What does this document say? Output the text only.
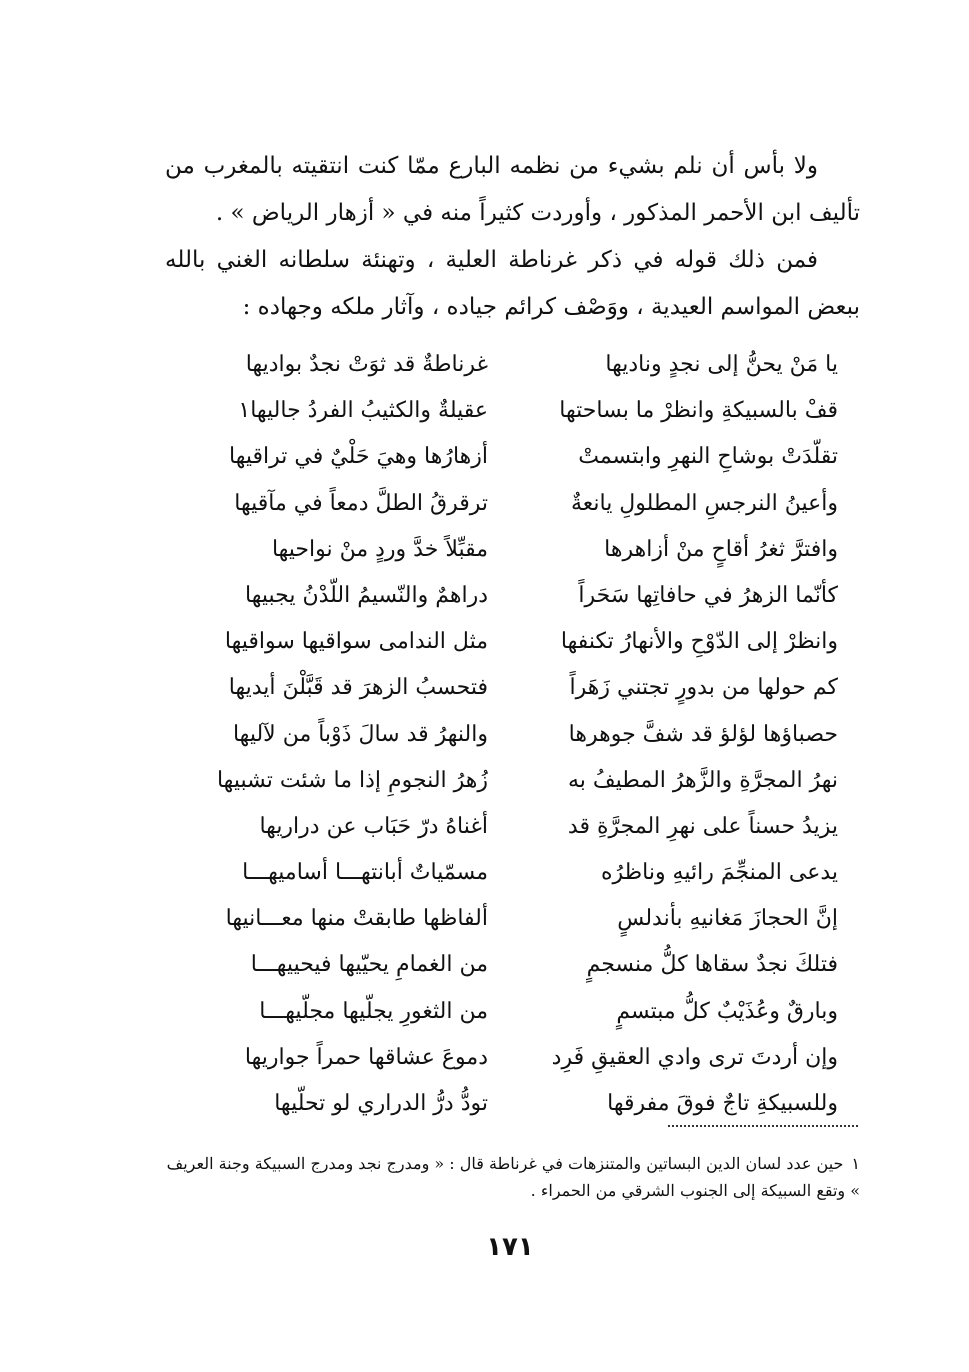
ولا بأس أن نلم بشيء من نظمه البارع ممّا كنت انتقيته بالمغرب من تأليف ابن الأحمر المذكور ، وأوردت كثيراً منه في « أزهار الرياض » .

فمن ذلك قوله في ذكر غرناطة العلية ، وتهنئة سلطانه الغني بالله ببعض المواسم العيدية ، ووَصْف كرائم جياده ، وآثار ملكه وجهاده :

يا مَنْ يحنُّ إلى نجدٍ وناديها
غرناطةٌ قد ثوَتْ نجدٌ بواديها
قفْ بالسبيكةِ وانظرْ ما بساحتها
عقيلةٌ والكثيبُ الفردُ جاليها١
تقلّدَتْ بوشاحِ النهرِ وابتسمتْ
أزهارُها وهيَ حَلْيٌ في تراقيها
وأعينُ النرجسِ المطلولِ يانعةٌ
ترقرقُ الطلَّ دمعاً في مآقيها
وافترَّ ثغرُ أقاحٍ منْ أزاهرها
مقبِّلاً خدَّ وردٍ منْ نواحيها
كأنّما الزهرُ في حافاتِها سَحَراً
دراهمٌ والنّسيمُ اللّدْنُ يجبيها
وانظرْ إلى الدّوْحِ والأنهارُ تكنفها
مثل الندامى سواقيها سواقيها
كم حولها من بدورٍ تجتني زَهَراً
فتحسبُ الزهرَ قد قَبَّلْنَ أيديها
حصباؤها لؤلؤ قد شفَّ جوهرها
والنهرُ قد سالَ ذَوْباً من لآليها
نهرُ المجرَّةِ والزَّهرُ المطيفُ به
زُهرُ النجومِ إذا ما شئت تشبيها
يزيدُ حسناً على نهرِ المجرَّةِ قد
أغناهُ درّ حَبَاب عن دراريها
يدعى المنجِّمَ رائيهِ وناظرُه
مسمّياتٌ أبانتهـــا أساميهـــا
إنَّ الحجازَ مَغانيهِ بأندلسٍ
ألفاظها طابقتْ منها معـــانيها
فتلكَ نجدٌ سقاها كلُّ منسجمٍ
من الغمامِ يحيّيها فيحييهـــا
وبارقٌ وعُذَيْبٌ كلُّ مبتسمٍ
من الثغورِ يجلّيها مجلّيهـــا
وإن أردتَ ترى وادي العقيقِ فَرِد
دموعَ عشاقها حمراً جواريها
وللسبيكةِ تاجٌ فوقَ مفرقها
تودُّ درُّ الدراري لو تحلّيها
١حين عدد لسان الدين البساتين والمتنزهات في غرناطة قال : « ومدرج نجد ومدرج السبيكة وجنة العريف » وتقع السبيكة إلى الجنوب الشرقي من الحمراء .
١٧١
